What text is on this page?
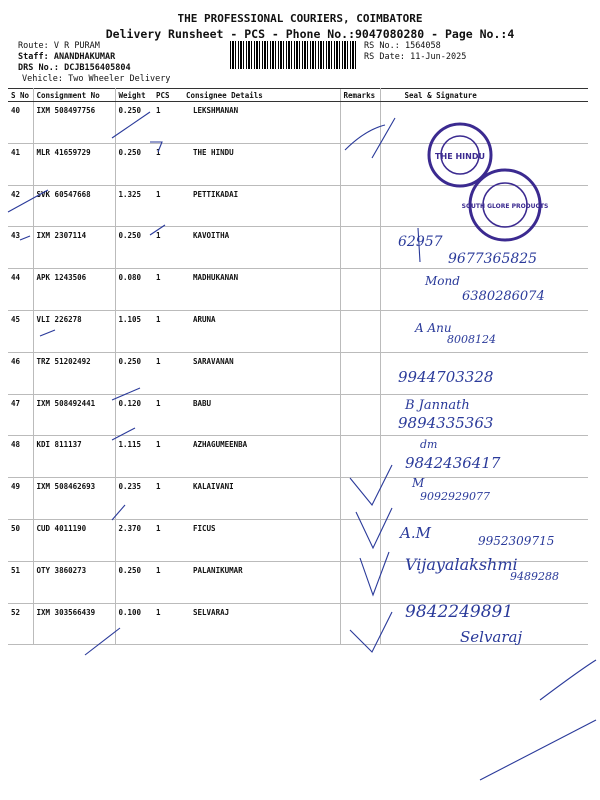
THE PROFESSIONAL COURIERS, COIMBATORE
Delivery Runsheet - PCS - Phone No.:9047080280 - Page No.:4
Route: V R PURAM
Staff: ANANDHAKUMAR
DRS No.: DCJB156405804
Vehicle: Two Wheeler Delivery
RS No.: 1564058
RS Date: 11-Jun-2025
S No	Consignment No	Weight	PCS	Consignee Details	Remarks	Seal & Signature
40	IXM 508497756	0.250	1	LEKSHMANAN		
41	MLR 41659729	0.250	1	THE HINDU		
42	SVK 60547668	1.325	1	PETTIKADAI		
43	IXM 2307114	0.250	1	KAVOITHA		
44	APK 1243506	0.080	1	MADHUKANAN		
45	VLI 226278	1.105	1	ARUNA		
46	TRZ 51202492	0.250	1	SARAVANAN		
47	IXM 508492441	0.120	1	BABU		
48	KDI 811137	1.115	1	AZHAGUMEENBA		
49	IXM 508462693	0.235	1	KALAIVANI		
50	CUD 4011190	2.370	1	FICUS		
51	OTY 3860273	0.250	1	PALANIKUMAR		
52	IXM 303566439	0.100	1	SELVARAJ		
THE HINDU
SOUTH GLORE PRODUCTS
62957
9677365825
Mond
6380286074
A Anu
8008124
9944703328
B Jannath
9894335363
dm
9842436417
M
9092929077
A.M	9952309715
Vijayalakshmi
9489288
9842249891
Selvaraj
